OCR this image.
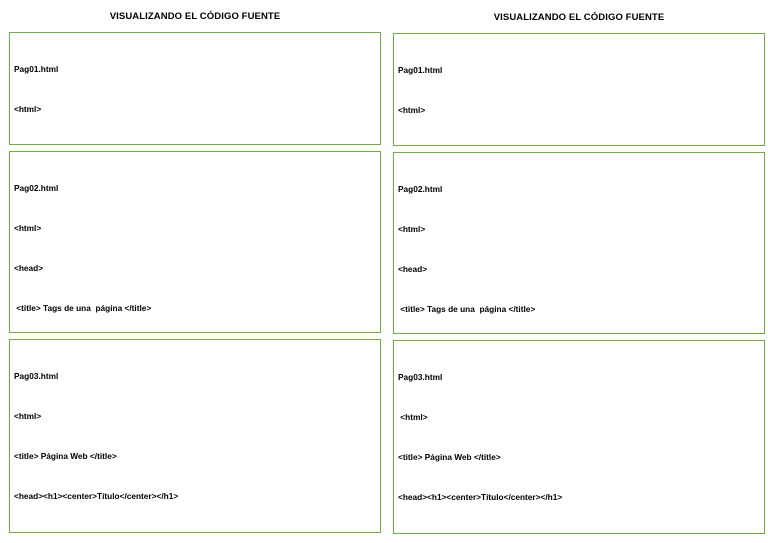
VISUALIZANDO EL CÓDIGO FUENTE

Pag01.html

<html>

Pag02.html

<html>

<head>

<title> Tags de una  página </title>

Pag03.html

<html>

<title> Página Web </title>

<head><h1><center>Título</center></h1>

VISUALIZANDO EL CÓDIGO FUENTE

Pag01.html

<html>

Pag02.html

<html>

<head>

<title> Tags de una  página </title>

Pag03.html

<html>

<title> Página Web </title>

<head><h1><center>Título</center></h1>
